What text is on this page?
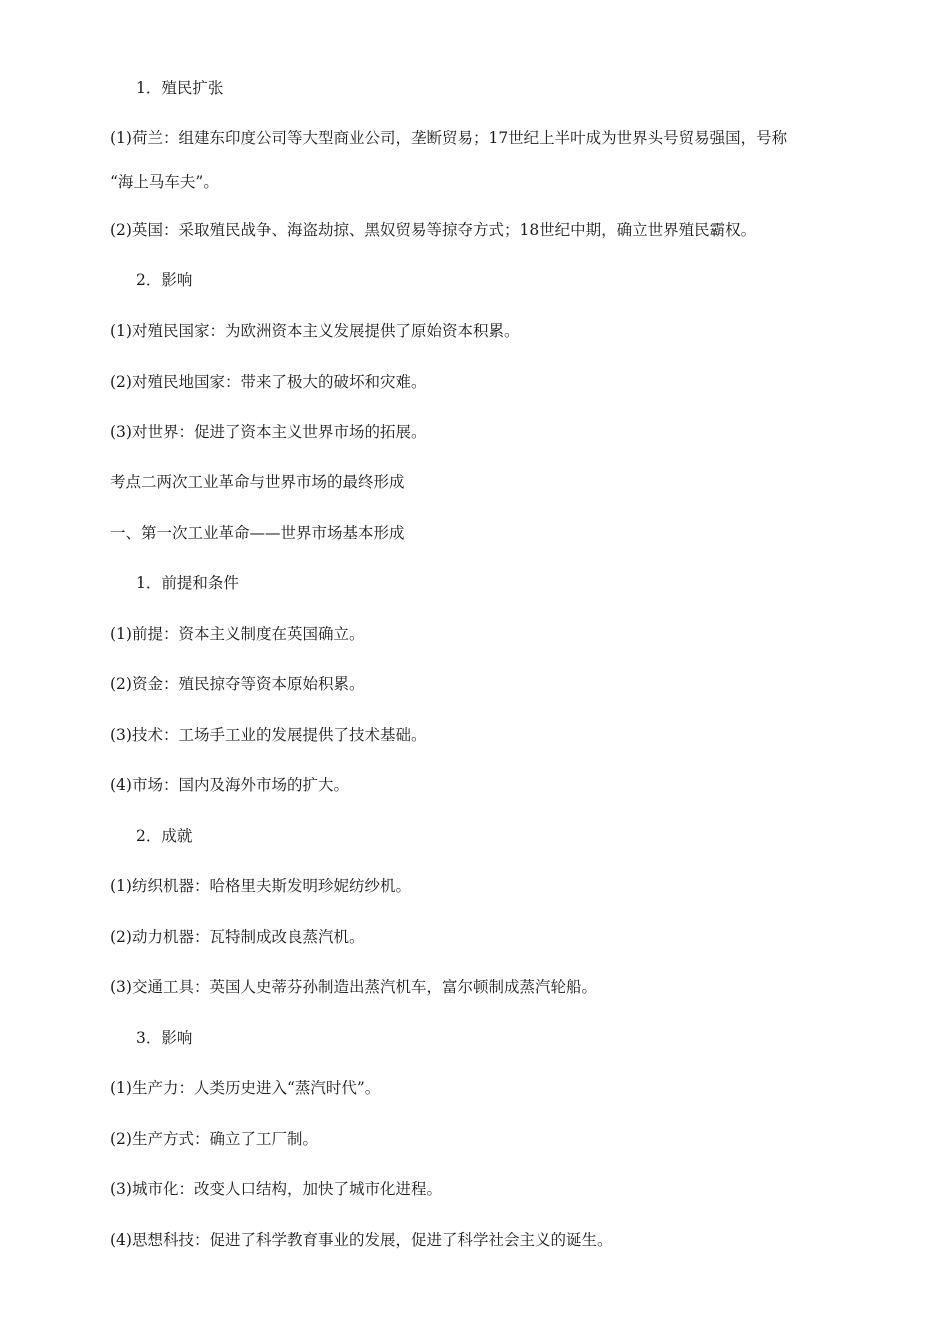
1．殖民扩张
(1)荷兰：组建东印度公司等大型商业公司，垄断贸易；17世纪上半叶成为世界头号贸易强国，号称
“海上马车夫”。
(2)英国：采取殖民战争、海盗劫掠、黑奴贸易等掠夺方式；18世纪中期，确立世界殖民霸权。
2．影响
(1)对殖民国家：为欧洲资本主义发展提供了原始资本积累。
(2)对殖民地国家：带来了极大的破坏和灾难。
(3)对世界：促进了资本主义世界市场的拓展。
考点二两次工业革命与世界市场的最终形成
一、第一次工业革命——世界市场基本形成
1．前提和条件
(1)前提：资本主义制度在英国确立。
(2)资金：殖民掠夺等资本原始积累。
(3)技术：工场手工业的发展提供了技术基础。
(4)市场：国内及海外市场的扩大。
2．成就
(1)纺织机器：哈格里夫斯发明珍妮纺纱机。
(2)动力机器：瓦特制成改良蒸汽机。
(3)交通工具：英国人史蒂芬孙制造出蒸汽机车，富尔顿制成蒸汽轮船。
3．影响
(1)生产力：人类历史进入“蒸汽时代”。
(2)生产方式：确立了工厂制。
(3)城市化：改变人口结构，加快了城市化进程。
(4)思想科技：促进了科学教育事业的发展，促进了科学社会主义的诞生。
